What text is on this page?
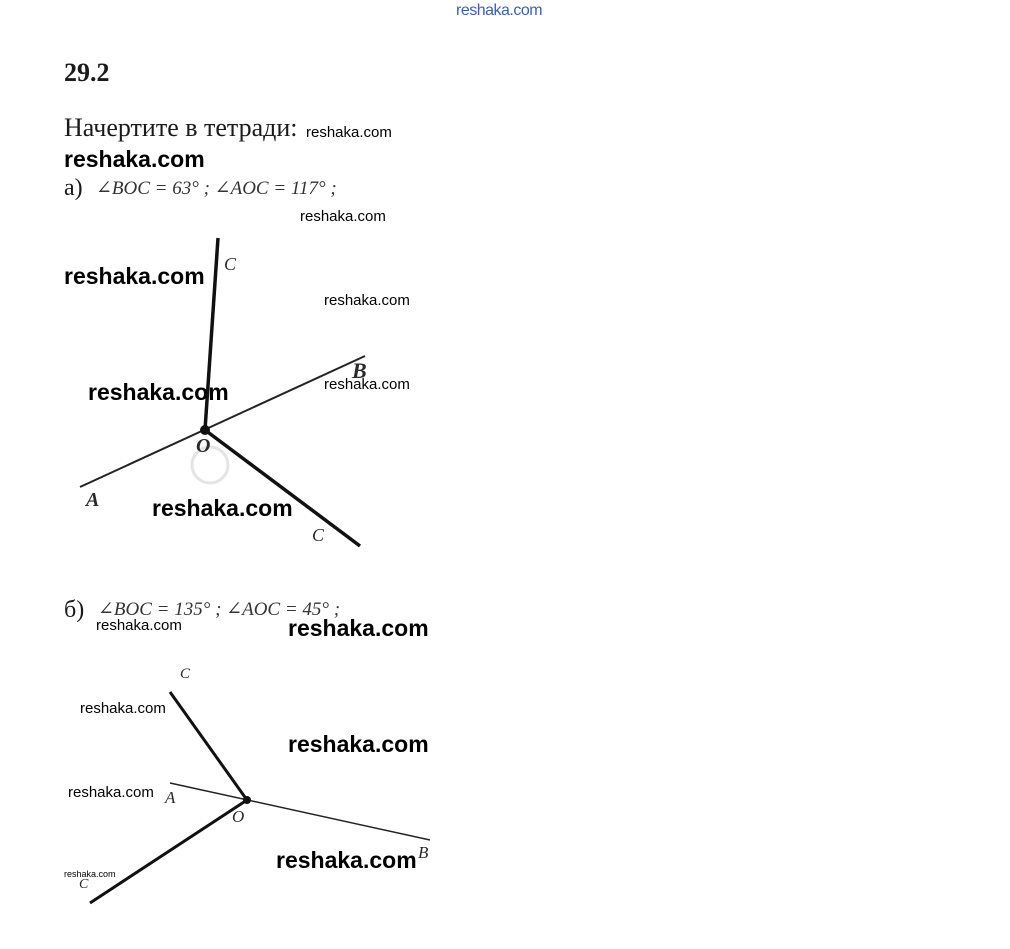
reshaka.com
29.2
Начертите в тетради:
а) ∠BOC = 63° ; ∠AOC = 117° ;
б) ∠BOC = 135° ; ∠AOC = 45° ;
C
B
O
A
C
C
A
O
B
C
reshaka.com
reshaka.com
reshaka.com
reshaka.com
reshaka.com
reshaka.com
reshaka.com
reshaka.com
reshaka.com	reshaka.com
reshaka.com
reshaka.com
reshaka.com
reshaka.com
reshaka.com
